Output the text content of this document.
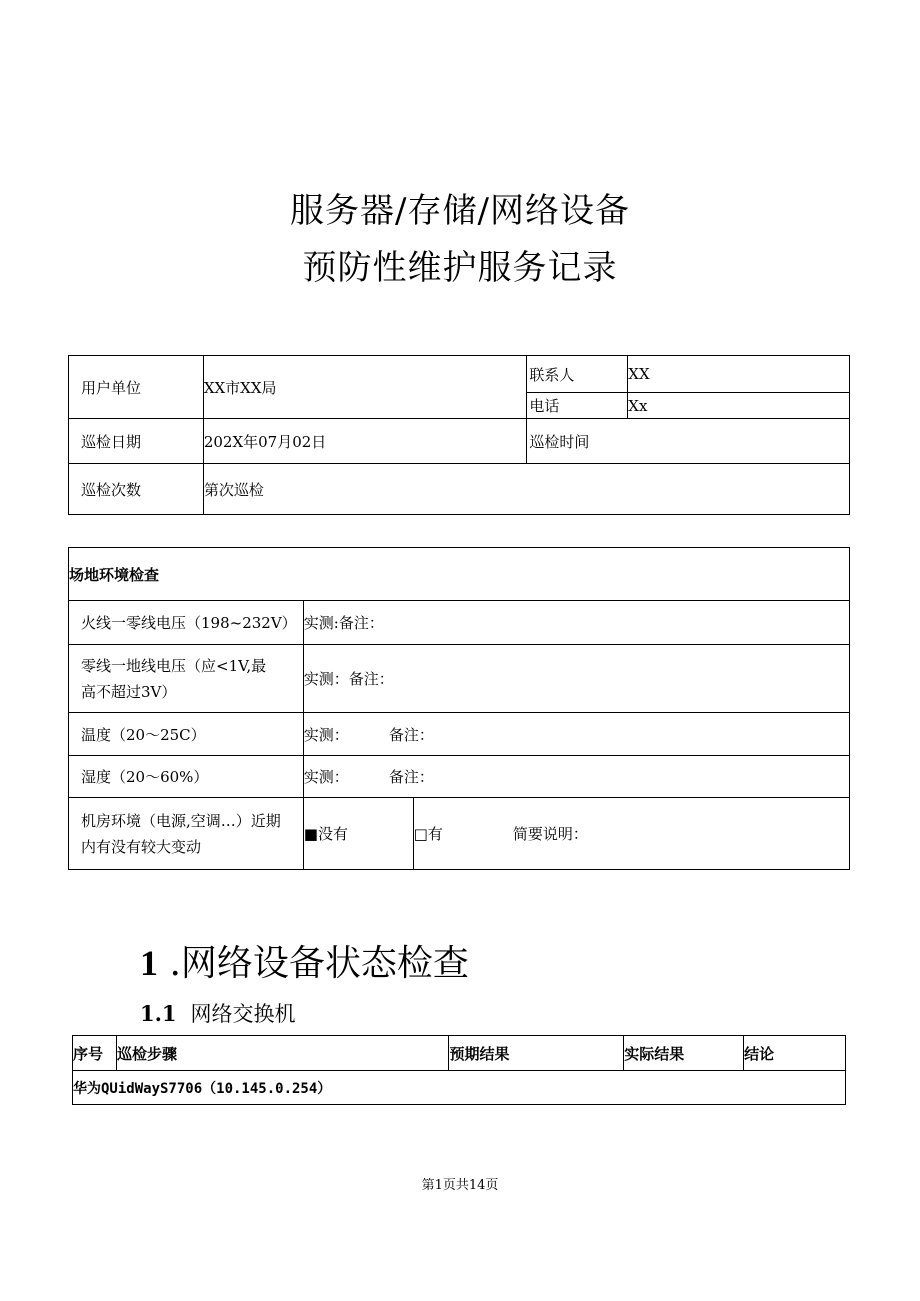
服务器/存储/网络设备
预防性维护服务记录
用户单位	XX市XX局	联系人	XX
		电话	Xx
巡检日期	202X年07月02日	巡检时间	
巡检次数	第次巡检		
场地环境检查		
火线一零线电压（198~232V）	实测:备注：	

零线一地线电压（应<1V,最
高不超过3V）	实测：备注：	
温度（20～25C）	实测： 备注：	
湿度（20～60%）	实测： 备注：	

机房环境（电源,空调…）近期
内有没有较大变动	■没有	□有 简要说明：
1 .网络设备状态检查
1.1 网络交换机
序号	巡检步骤	预期结果	实际结果	结论
华为QUidWayS7706（10.145.0.254）
第1页共14页
